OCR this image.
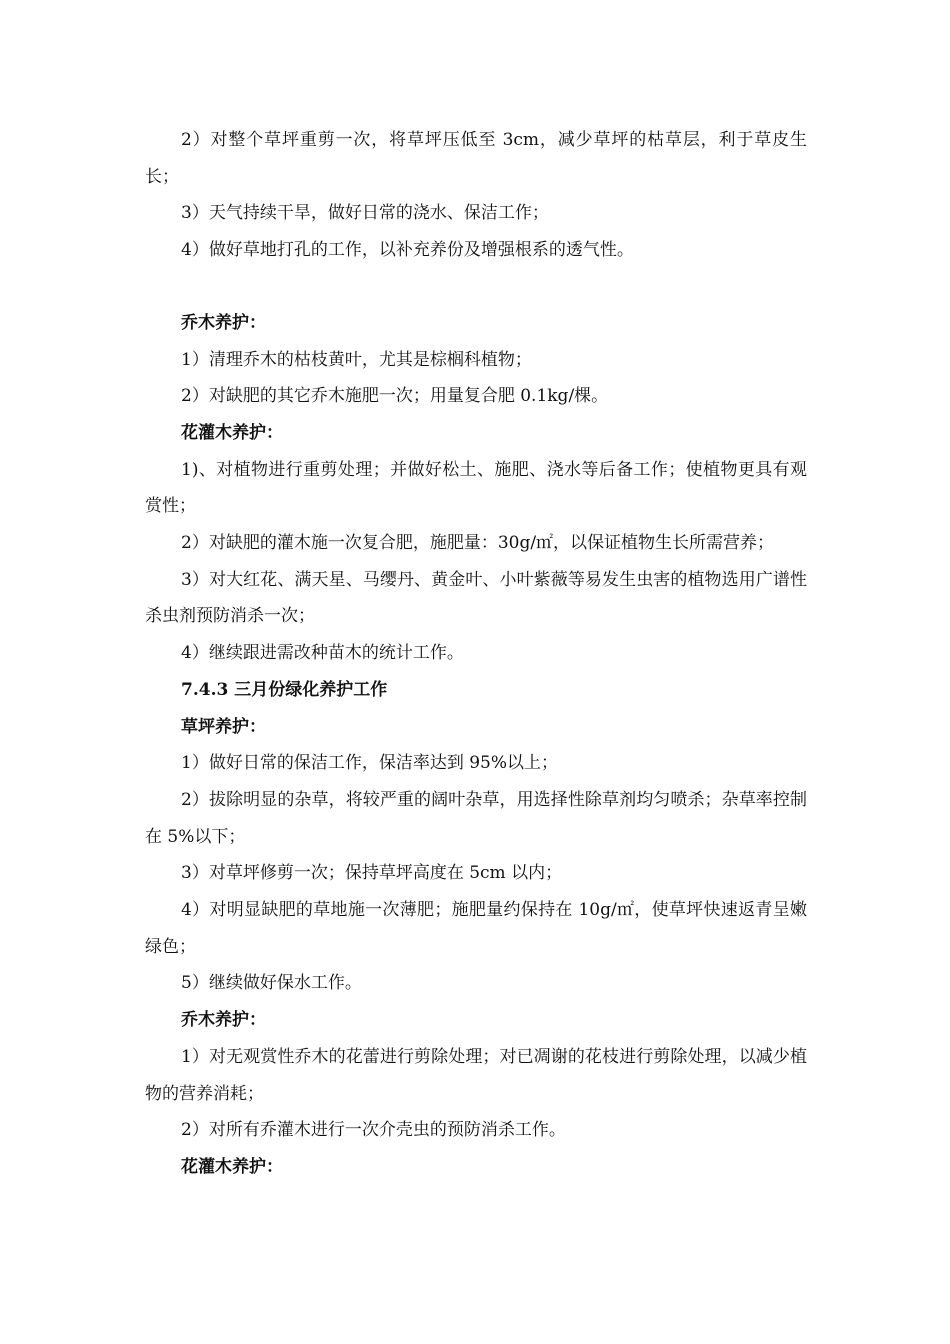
2）对整个草坪重剪一次，将草坪压低至 3cm，减少草坪的枯草层，利于草皮生长；

3）天气持续干旱，做好日常的浇水、保洁工作；

4）做好草地打孔的工作，以补充养份及增强根系的透气性。

乔木养护：

1）清理乔木的枯枝黄叶，尤其是棕榈科植物；

2）对缺肥的其它乔木施肥一次；用量复合肥 0.1kg/棵。

花灌木养护：

1)、对植物进行重剪处理；并做好松土、施肥、浇水等后备工作；使植物更具有观赏性；

2）对缺肥的灌木施一次复合肥，施肥量：30g/㎡，以保证植物生长所需营养；

3）对大红花、满天星、马缨丹、黄金叶、小叶紫薇等易发生虫害的植物选用广谱性杀虫剂预防消杀一次；

4）继续跟进需改种苗木的统计工作。

7.4.3 三月份绿化养护工作

草坪养护：

1）做好日常的保洁工作，保洁率达到 95%以上；

2）拔除明显的杂草，将较严重的阔叶杂草，用选择性除草剂均匀喷杀；杂草率控制在 5%以下；

3）对草坪修剪一次；保持草坪高度在 5cm 以内；

4）对明显缺肥的草地施一次薄肥；施肥量约保持在 10g/㎡，使草坪快速返青呈嫩绿色；

5）继续做好保水工作。

乔木养护：

1）对无观赏性乔木的花蕾进行剪除处理；对已凋谢的花枝进行剪除处理，以减少植物的营养消耗；

2）对所有乔灌木进行一次介壳虫的预防消杀工作。

花灌木养护：
